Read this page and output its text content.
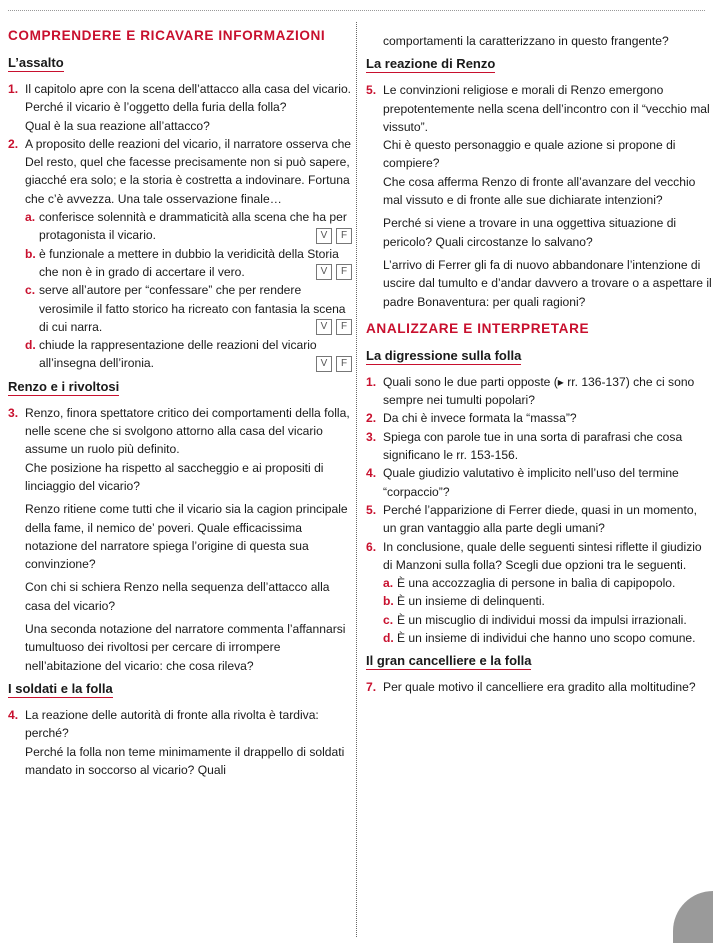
COMPRENDERE E RICAVARE INFORMAZIONI
L’assalto
1. Il capitolo apre con la scena dell’attacco alla casa del vicario.

Perché il vicario è l’oggetto della furia della folla?

Qual è la sua reazione all’attacco?

2. A proposito delle reazioni del vicario, il narratore osserva che Del resto, quel che facesse precisamente non si può sapere, giacché era solo; e la storia è costretta a indovinare. Fortuna che c’è avvezza. Una tale osservazione finale…

a. conferisce solennità e drammaticità alla scena che ha per protagonista il vicario.	V	F
b. è funzionale a mettere in dubbio la veridicità della Storia che non è in grado di accertare il vero.	V	F
c. serve all’autore per “confessare” che per rendere verosimile il fatto storico ha ricreato con fantasia la scena di cui narra.	V	F
d. chiude la rappresentazione delle reazioni del vicario all’insegna dell’ironia.	V	F
Renzo e i rivoltosi
3. Renzo, finora spettatore critico dei comportamenti della folla, nelle scene che si svolgono attorno alla casa del vicario assume un ruolo più definito.

Che posizione ha rispetto al saccheggio e ai propositi di linciaggio del vicario?

Renzo ritiene come tutti che il vicario sia la cagion principale della fame, il nemico de’ poveri. Quale efficacissima notazione del narratore spiega l’origine di questa sua convinzione?

Con chi si schiera Renzo nella sequenza dell’attacco alla casa del vicario?

Una seconda notazione del narratore commenta l’affannarsi tumultuoso dei rivoltosi per cercare di irrompere nell’abitazione del vicario: che cosa rileva?

I soldati e la folla
4. La reazione delle autorità di fronte alla rivolta è tardiva: perché?

Perché la folla non teme minimamente il drappello di soldati mandato in soccorso al vicario? Quali

comportamenti la caratterizzano in questo frangente?

La reazione di Renzo
5. Le convinzioni religiose e morali di Renzo emergono prepotentemente nella scena dell’incontro con il “vecchio mal vissuto”.

Chi è questo personaggio e quale azione si propone di compiere?

Che cosa afferma Renzo di fronte all’avanzare del vecchio mal vissuto e di fronte alle sue dichiarate intenzioni?

Perché si viene a trovare in una oggettiva situazione di pericolo? Quali circostanze lo salvano?

L’arrivo di Ferrer gli fa di nuovo abbandonare l’intenzione di uscire dal tumulto e d’andar davvero a trovare o a aspettare il padre Bonaventura: per quali ragioni?

ANALIZZARE E INTERPRETARE
La digressione sulla folla
1. Quali sono le due parti opposte (▸ rr. 136-137) che ci sono sempre nei tumulti popolari?
2. Da chi è invece formata la “massa”?
3. Spiega con parole tue in una sorta di parafrasi che cosa significano le rr. 153-156.
4. Quale giudizio valutativo è implicito nell’uso del termine “corpaccio”?
5. Perché l’apparizione di Ferrer diede, quasi in un momento, un gran vantaggio alla parte degli umani?
6. In conclusione, quale delle seguenti sintesi riflette il giudizio di Manzoni sulla folla? Scegli due opzioni tra le seguenti.
a. È una accozzaglia di persone in balìa di capipopolo.
b. È un insieme di delinquenti.
c. È un miscuglio di individui mossi da impulsi irrazionali.
d. È un insieme di individui che hanno uno scopo comune.
Il gran cancelliere e la folla
7. Per quale motivo il cancelliere era gradito alla moltitudine?
